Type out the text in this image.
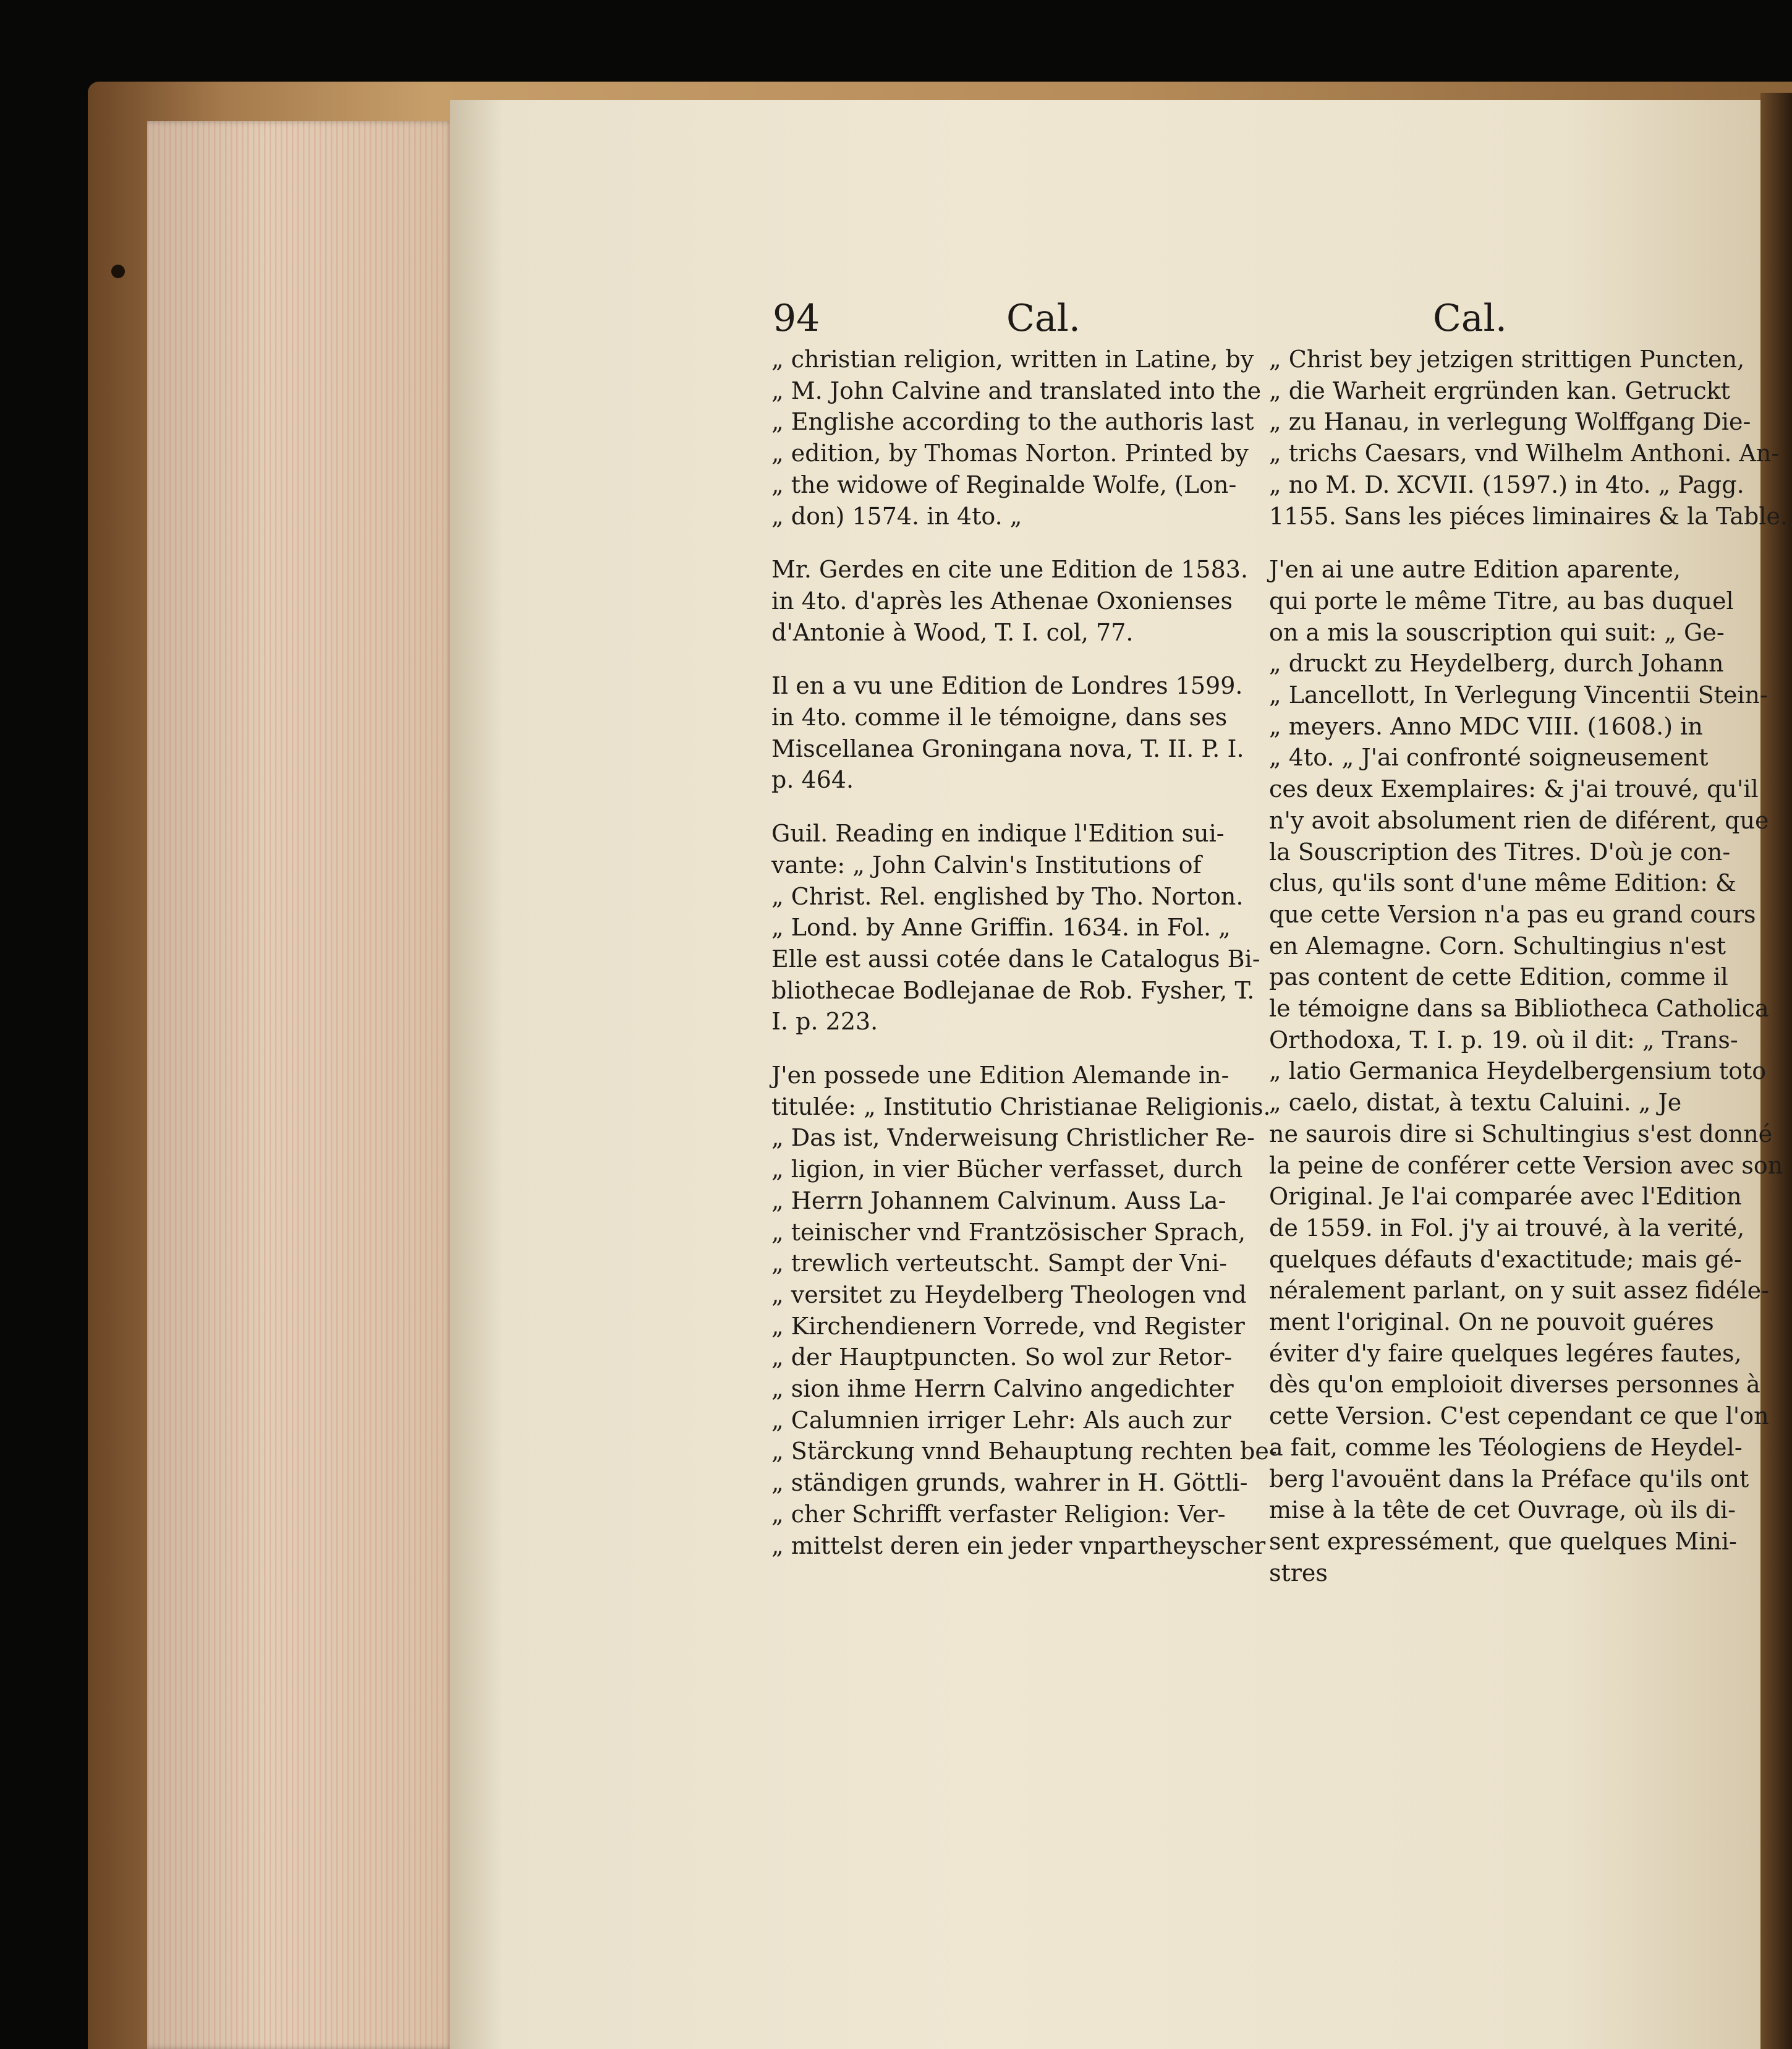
94	Cal.	Cal.

„ christian religion, written in Latine, by

„ M. John Calvine and translated into the

„ Englishe according to the authoris last

„ edition, by Thomas Norton. Printed by

„ the widowe of Reginalde Wolfe, (Lon-

„ don) 1574. in 4to. „

Mr. Gerdes en cite une Edition de 1583.

in 4to. d'après les Athenae Oxonienses

d'Antonie à Wood, T. I. col, 77.

Il en a vu une Edition de Londres 1599.

in 4to. comme il le témoigne, dans ses

Miscellanea Groningana nova, T. II. P. I.

p. 464.

Guil. Reading en indique l'Edition sui-

vante: „ John Calvin's Institutions of

„ Christ. Rel. englished by Tho. Norton.

„ Lond. by Anne Griffin. 1634. in Fol. „

Elle est aussi cotée dans le Catalogus Bi-

bliothecae Bodlejanae de Rob. Fysher, T.

I. p. 223.

J'en possede une Edition Alemande in-

titulée: „ Institutio Christianae Religionis.

„ Das ist, Vnderweisung Christlicher Re-

„ ligion, in vier Bücher verfasset, durch

„ Herrn Johannem Calvinum. Auss La-

„ teinischer vnd Frantzösischer Sprach,

„ trewlich verteutscht. Sampt der Vni-

„ versitet zu Heydelberg Theologen vnd

„ Kirchendienern Vorrede, vnd Register

„ der Hauptpuncten. So wol zur Retor-

„ sion ihme Herrn Calvino angedichter

„ Calumnien irriger Lehr: Als auch zur

„ Stärckung vnnd Behauptung rechten be-

„ ständigen grunds, wahrer in H. Göttli-

„ cher Schrifft verfaster Religion: Ver-

„ mittelst deren ein jeder vnpartheyscher

„ Christ bey jetzigen strittigen Puncten,

„ die Warheit ergründen kan. Getruckt

„ zu Hanau, in verlegung Wolffgang Die-

„ trichs Caesars, vnd Wilhelm Anthoni. An-

„ no M. D. XCVII. (1597.) in 4to. „ Pagg.

1155. Sans les piéces liminaires & la Table.

J'en ai une autre Edition aparente,

qui porte le même Titre, au bas duquel

on a mis la souscription qui suit: „ Ge-

„ druckt zu Heydelberg, durch Johann

„ Lancellott, In Verlegung Vincentii Stein-

„ meyers. Anno MDC VIII. (1608.) in

„ 4to. „ J'ai confronté soigneusement

ces deux Exemplaires: & j'ai trouvé, qu'il

n'y avoit absolument rien de diférent, que

la Souscription des Titres. D'où je con-

clus, qu'ils sont d'une même Edition: &

que cette Version n'a pas eu grand cours

en Alemagne. Corn. Schultingius n'est

pas content de cette Edition, comme il

le témoigne dans sa Bibliotheca Catholica

Orthodoxa, T. I. p. 19. où il dit: „ Trans-

„ latio Germanica Heydelbergensium toto

„ caelo, distat, à textu Caluini. „ Je

ne saurois dire si Schultingius s'est donné

la peine de conférer cette Version avec son

Original. Je l'ai comparée avec l'Edition

de 1559. in Fol. j'y ai trouvé, à la verité,

quelques défauts d'exactitude; mais gé-

néralement parlant, on y suit assez fidéle-

ment l'original. On ne pouvoit guéres

éviter d'y faire quelques legéres fautes,

dès qu'on emploioit diverses personnes à

cette Version. C'est cependant ce que l'on

a fait, comme les Téologiens de Heydel-

berg l'avouënt dans la Préface qu'ils ont

mise à la tête de cet Ouvrage, où ils di-

sent expressément, que quelques Mini-

stres
